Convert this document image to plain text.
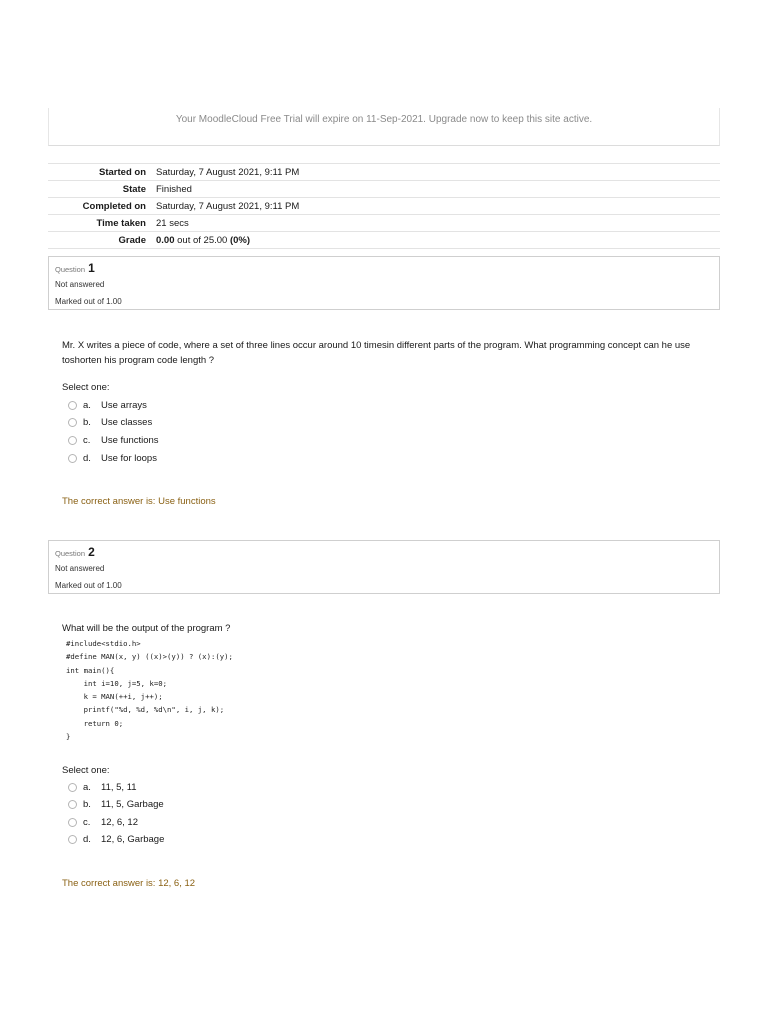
Your MoodleCloud Free Trial will expire on 11-Sep-2021. Upgrade now to keep this site active.
Started on	Saturday, 7 August 2021, 9:11 PM
State	Finished
Completed on	Saturday, 7 August 2021, 9:11 PM
Time taken	21 secs
Grade	0.00 out of 25.00 (0%)
Question 1
Not answered
Marked out of 1.00
Mr. X writes a piece of code, where a set of three lines occur around 10 timesin different parts of the program. What programming concept can he use toshorten his program code length ?
Select one:
a.	Use arrays
b.	Use classes
c.	Use functions
d.	Use for loops
The correct answer is: Use functions
Question 2
Not answered
Marked out of 1.00
What will be the output of the program ?
#include<stdio.h>
#define MAN(x, y) ((x)>(y)) ? (x):(y);
int main(){
int i=10, j=5, k=0;
k = MAN(++i, j++);
printf("%d, %d, %d\n", i, j, k);
return 0;
}
Select one:
a.	11, 5, 11
b.	11, 5, Garbage
c.	12, 6, 12
d.	12, 6, Garbage
The correct answer is: 12, 6, 12
